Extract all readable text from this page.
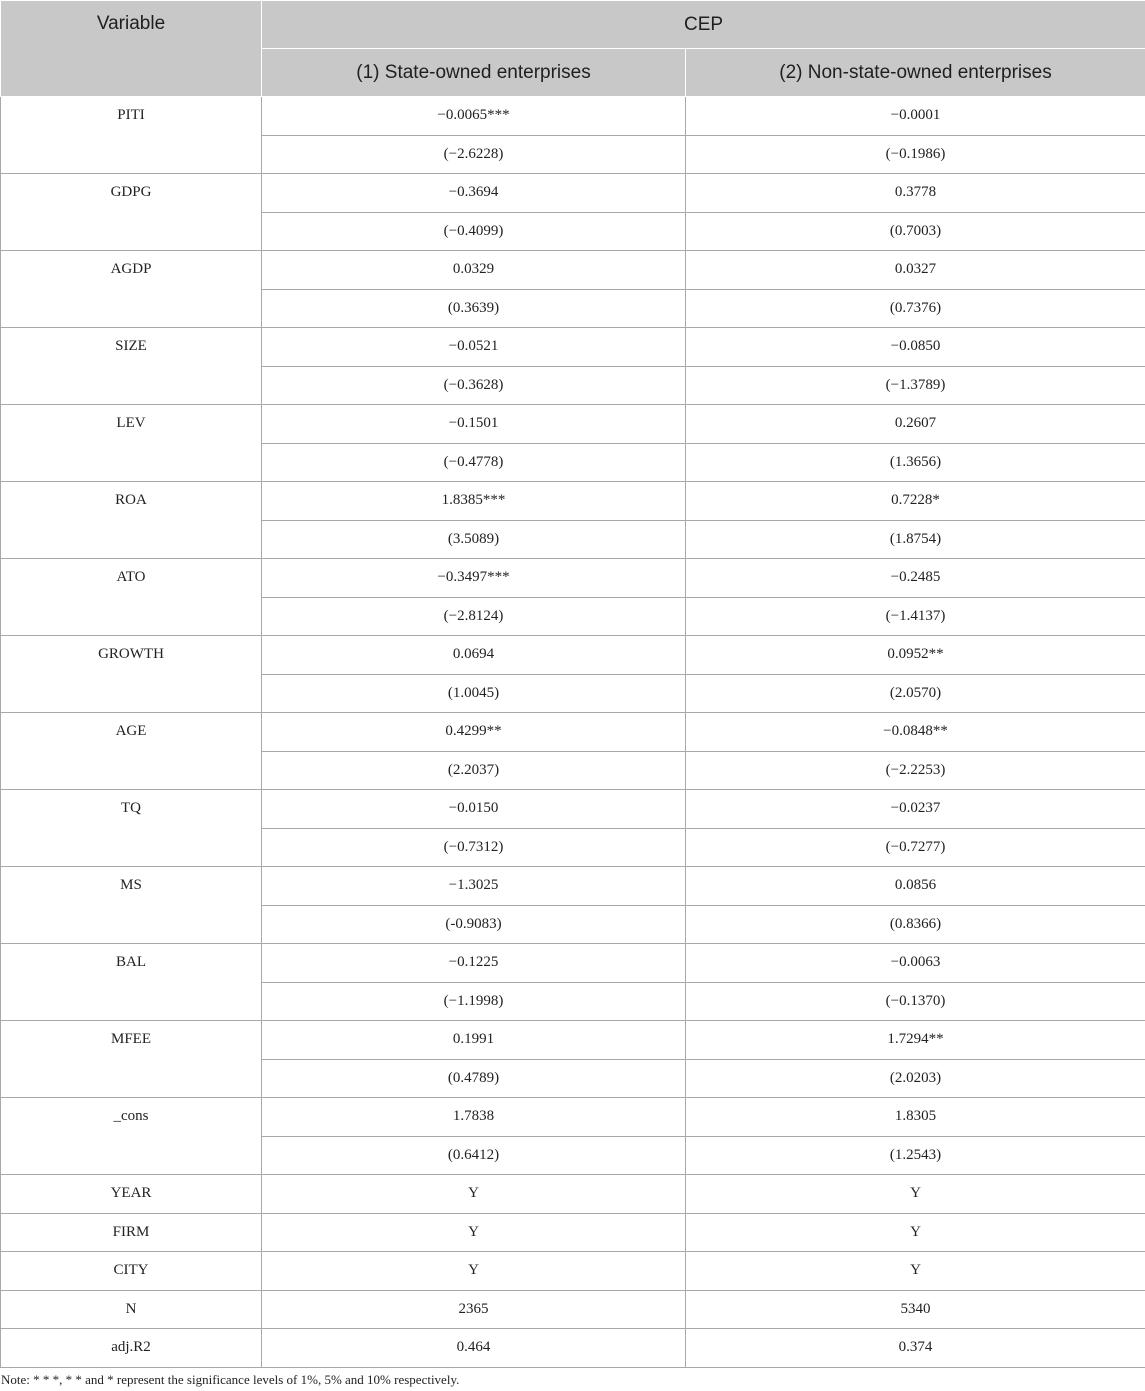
Variable	CEP	
	(1) State-owned enterprises	(2) Non-state-owned enterprises
PITI	−0.0065***	−0.0001
	(−2.6228)	(−0.1986)
GDPG	−0.3694	0.3778
	(−0.4099)	(0.7003)
AGDP	0.0329	0.0327
	(0.3639)	(0.7376)
SIZE	−0.0521	−0.0850
	(−0.3628)	(−1.3789)
LEV	−0.1501	0.2607
	(−0.4778)	(1.3656)
ROA	1.8385***	0.7228*
	(3.5089)	(1.8754)
ATO	−0.3497***	−0.2485
	(−2.8124)	(−1.4137)
GROWTH	0.0694	0.0952**
	(1.0045)	(2.0570)
AGE	0.4299**	−0.0848**
	(2.2037)	(−2.2253)
TQ	−0.0150	−0.0237
	(−0.7312)	(−0.7277)
MS	−1.3025	0.0856
	(-0.9083)	(0.8366)
BAL	−0.1225	−0.0063
	(−1.1998)	(−0.1370)
MFEE	0.1991	1.7294**
	(0.4789)	(2.0203)
_cons	1.7838	1.8305
	(0.6412)	(1.2543)
YEAR	Y	Y
FIRM	Y	Y
CITY	Y	Y
N	2365	5340
adj.R2	0.464	0.374

Note: * * *, * * and * represent the significance levels of 1%, 5% and 10% respectively.
